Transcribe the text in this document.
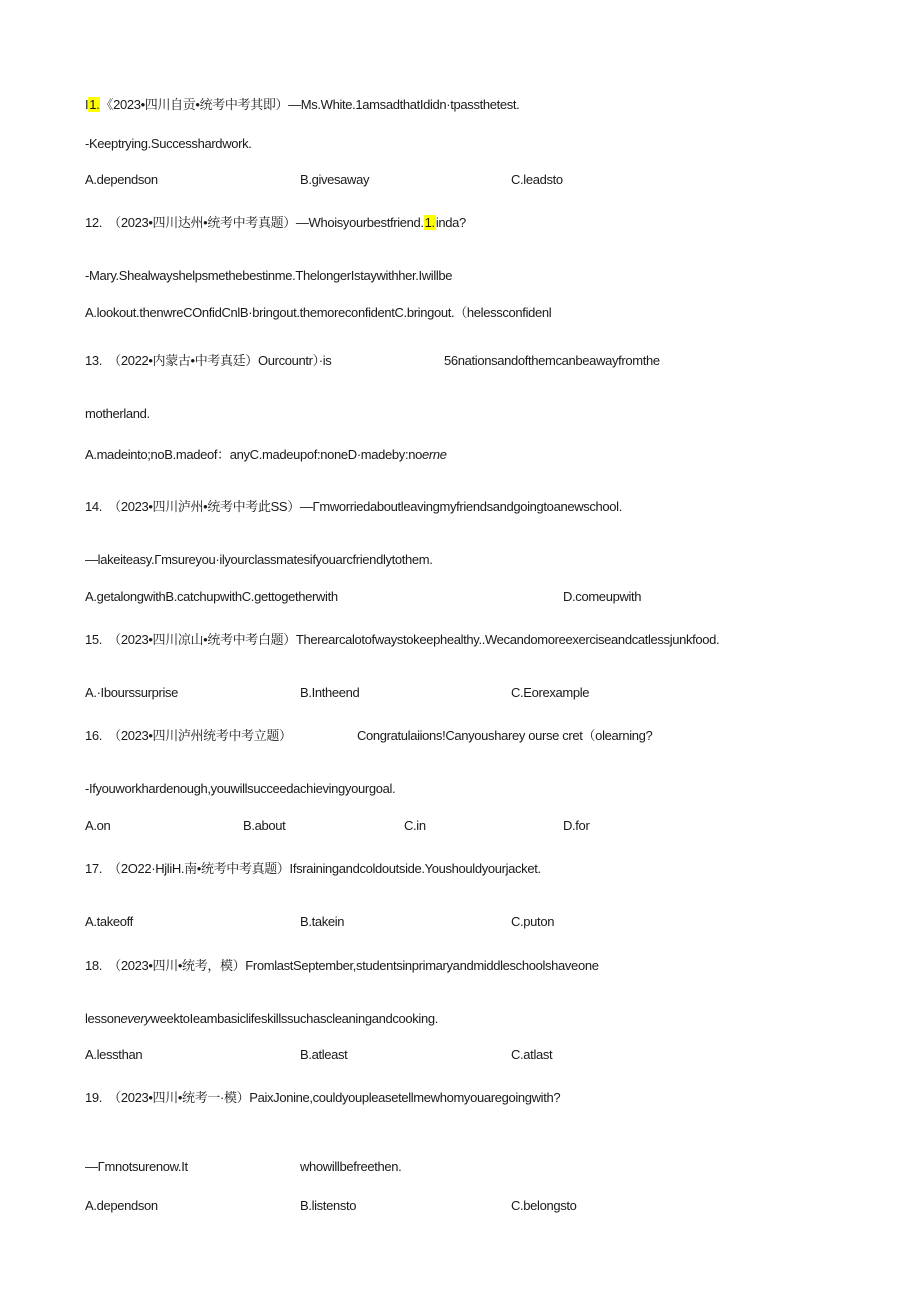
I1.《2023•四川自贡•统考中考其即）—Ms.White.1amsadthatIdidn·tpassthetest.
-Keeptrying.Successhardwork.
A.dependson	B.givesaway	C.leadsto
12.　（2023•四川达州•统考中考真题）—Whoisyourbestfriend.1.inda?
-Mary.Shealwayshelpsmethebestinme.ThelongerIstaywithher.Iwillbe
A.lookout.thenwreCOnfidCnlB·bringout.themoreconfidentC.bringout.（helessconfidenl
13.　（2022•内蒙古•中考真廷）Ourcountr）·is	56nationsandofthemcanbeawayfromthe
motherland.
A.madeinto;noB.madeof：anyC.madeupof:noneD·madeby:noerne
14.　（2023•四川泸州•统考中考此SS）—Γmworriedaboutleavingmyfriendsandgoingtoanewschool.
—lakeiteasy.Γmsureyou·ilyourclassmatesifyouarcfriendlytothem.
A.getalongwithB.catchupwithC.gettogetherwith	D.comeupwith
15.　（2023•四川凉山•统考中考白题）Therearcalotofwaystokeephealthy..Wecandomoreexerciseandcatlessjunkfood.
A.·Ibourssurprise	B.Intheend	C.Eorexample
16.　（2023•四川泸州统考中考立题）	Congratulaiions!Canyousharey ourse cret（olearning?
-Ifyouworkhardenough,youwillsucceedachievingyourgoal.
A.on	B.about	C.in	D.for
17.　（2O22·HjliH.南•统考中考真题）Ifsrainingandcoldoutside.Youshouldyourjacket.
A.takeoff	B.takein	C.puton
18.　（2023•四川•统考，模）FromlastSeptember,studentsinprimaryandmiddleschoolshaveone
lessoneveryweektoIeambasiclifeskillssuchascleaningandcooking.
A.lessthan	B.atleast	C.atlast
19.　（2023•四川•统考一·模）PaixJonine,couldyoupleasetellmewhomyouaregoingwith?
—Γmnotsurenow.It	whowillbefreethen.
A.dependson	B.listensto	C.belongsto
